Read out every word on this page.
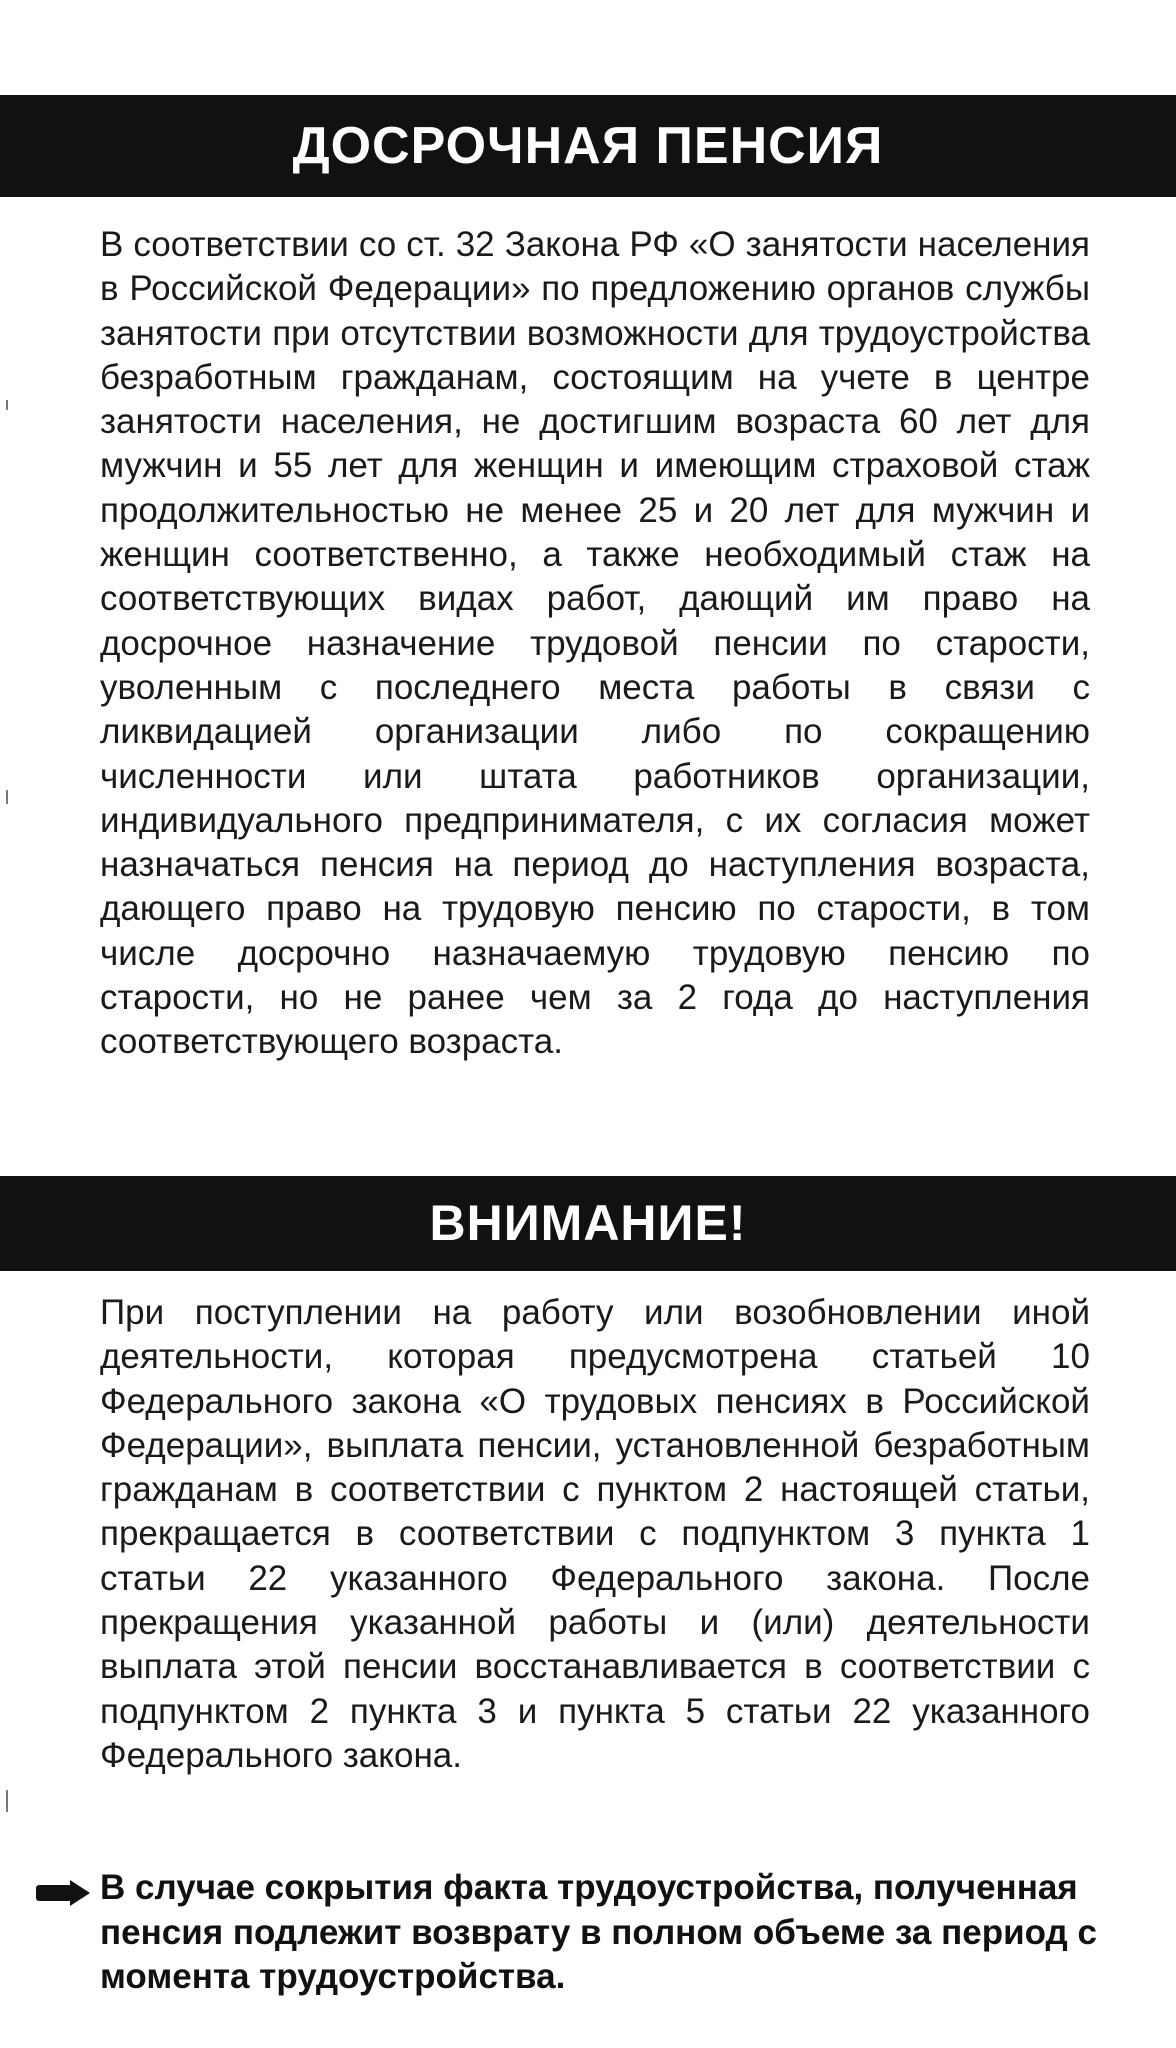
ДОСРОЧНАЯ ПЕНСИЯ

В соответствии со ст. 32 Закона РФ «О занятости населения в Российской Федерации» по предложению органов службы занятости при отсутствии возможности для трудоустройства безработным гражданам, состоящим на учете в центре занятости населения, не достигшим возраста 60 лет для мужчин и 55 лет для женщин и имеющим страховой стаж продолжительностью не менее 25 и 20 лет для мужчин и женщин соответственно, а также необходимый стаж на соответствующих видах работ, дающий им право на досрочное назначение трудовой пенсии по старости, уволенным с последнего места работы в связи с ликвидацией организации либо по сокращению численности или штата работников организации, индивидуального предпринимателя, с их согласия может назначаться пенсия на период до наступления возраста, дающего право на трудовую пенсию по старости, в том числе досрочно назначаемую трудовую пенсию по старости, но не ранее чем за 2 года до наступления соответствующего возраста.

ВНИМАНИЕ!

При поступлении на работу или возобновлении иной деятельности, которая предусмотрена статьей 10 Федерального закона «О трудовых пенсиях в Российской Федерации», выплата пенсии, установленной безработным гражданам в соответствии с пунктом 2 настоящей статьи, прекращается в соответствии с подпунктом 3 пункта 1 статьи 22 указанного Федерального закона. После прекращения указанной работы и (или) деятельности выплата этой пенсии восстанавливается в соответствии с подпунктом 2 пункта 3 и пункта 5 статьи 22 указанного Федерального закона.

В случае сокрытия факта трудоустройства, полученная пенсия подлежит возврату в полном объеме за период с момента трудоустройства.
